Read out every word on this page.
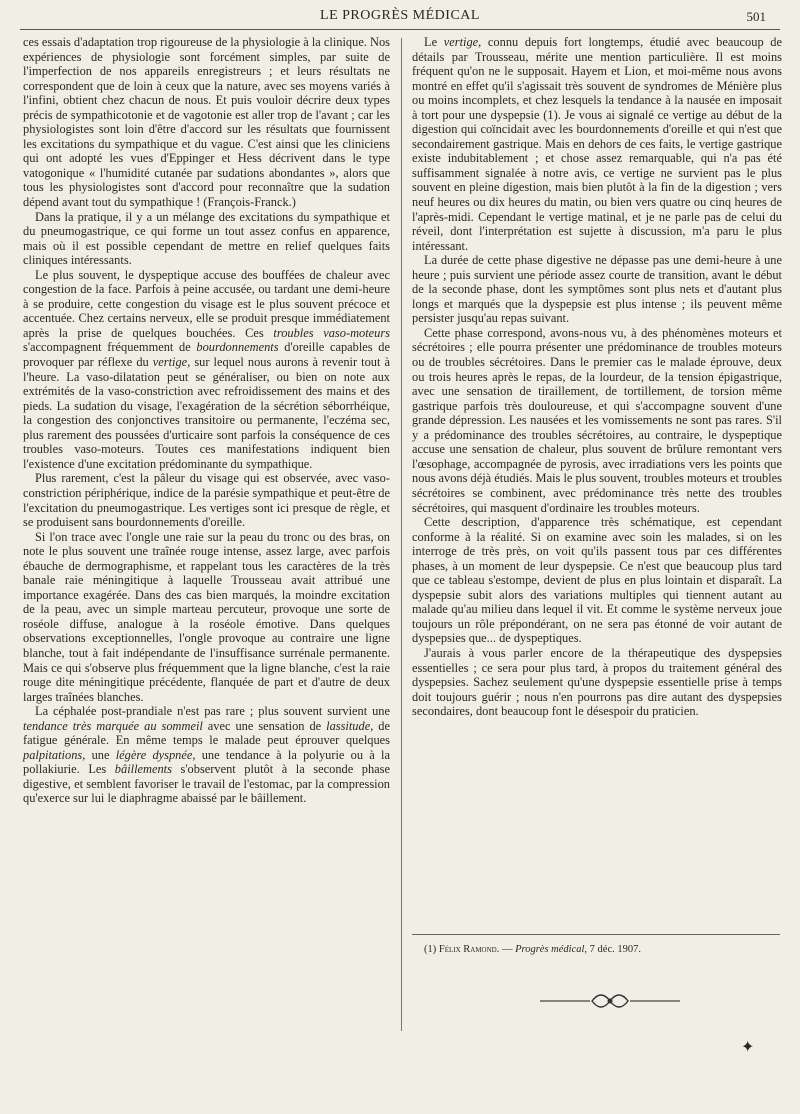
LE PROGRÈS MÉDICAL	501

ces essais d'adaptation trop rigoureuse de la physiologie à la clinique. Nos expériences de physiologie sont forcément simples, par suite de l'imperfection de nos appareils enregistreurs ; et leurs résultats ne correspondent que de loin à ceux que la nature, avec ses moyens variés à l'infini, obtient chez chacun de nous. Et puis vouloir décrire deux types précis de sympathicotonie et de vagotonie est aller trop de l'avant ; car les physiologistes sont loin d'être d'accord sur les résultats que fournissent les excitations du sympathique et du vague. C'est ainsi que les cliniciens qui ont adopté les vues d'Eppinger et Hess décrivent dans le type vatogonique « l'humidité cutanée par sudations abondantes », alors que tous les physiologistes sont d'accord pour reconnaître que la sudation dépend avant tout du sympathique ! (François-Franck.)

Dans la pratique, il y a un mélange des excitations du sympathique et du pneumogastrique, ce qui forme un tout assez confus en apparence, mais où il est possible cependant de mettre en relief quelques faits cliniques intéressants.

Le plus souvent, le dyspeptique accuse des bouffées de chaleur avec congestion de la face. Parfois à peine accusée, ou tardant une demi-heure à se produire, cette congestion du visage est le plus souvent précoce et accentuée. Chez certains nerveux, elle se produit presque immédiatement après la prise de quelques bouchées. Ces troubles vaso-moteurs s'accompagnent fréquemment de bourdonnements d'oreille capables de provoquer par réflexe du vertige, sur lequel nous aurons à revenir tout à l'heure. La vaso-dilatation peut se généraliser, ou bien on note aux extrémités de la vaso-constriction avec refroidissement des mains et des pieds. La sudation du visage, l'exagération de la sécrétion séborrhéique, la congestion des conjonctives transitoire ou permanente, l'eczéma sec, plus rarement des poussées d'urticaire sont parfois la conséquence de ces troubles vaso-moteurs. Toutes ces manifestations indiquent bien l'existence d'une excitation prédominante du sympathique.

Plus rarement, c'est la pâleur du visage qui est observée, avec vaso-constriction périphérique, indice de la parésie sympathique et peut-être de l'excitation du pneumogastrique. Les vertiges sont ici presque de règle, et se produisent sans bourdonnements d'oreille.

Si l'on trace avec l'ongle une raie sur la peau du tronc ou des bras, on note le plus souvent une traînée rouge intense, assez large, avec parfois ébauche de dermographisme, et rappelant tous les caractères de la très banale raie méningitique à laquelle Trousseau avait attribué une importance exagérée. Dans des cas bien marqués, la moindre excitation de la peau, avec un simple marteau percuteur, provoque une sorte de roséole diffuse, analogue à la roséole émotive. Dans quelques observations exceptionnelles, l'ongle provoque au contraire une ligne blanche, tout à fait indépendante de l'insuffisance surrénale permanente. Mais ce qui s'observe plus fréquemment que la ligne blanche, c'est la raie rouge dite méningitique précédente, flanquée de part et d'autre de deux larges traînées blanches.

La céphalée post-prandiale n'est pas rare ; plus souvent survient une tendance très marquée au sommeil avec une sensation de lassitude, de fatigue générale. En même temps le malade peut éprouver quelques palpitations, une légère dyspnée, une tendance à la polyurie ou à la pollakiurie. Les bâillements s'observent plutôt à la seconde phase digestive, et semblent favoriser le travail de l'estomac, par la compression qu'exerce sur lui le diaphragme abaissé par le bâillement.

Le vertige, connu depuis fort longtemps, étudié avec beaucoup de détails par Trousseau, mérite une mention particulière. Il est moins fréquent qu'on ne le supposait. Hayem et Lion, et moi-même nous avons montré en effet qu'il s'agissait très souvent de syndromes de Ménière plus ou moins incomplets, et chez lesquels la tendance à la nausée en imposait à tort pour une dyspepsie (1). Je vous ai signalé ce vertige au début de la digestion qui coïncidait avec les bourdonnements d'oreille et qui n'est que secondairement gastrique. Mais en dehors de ces faits, le vertige gastrique existe indubitablement ; et chose assez remarquable, qui n'a pas été suffisamment signalée à notre avis, ce vertige ne survient pas le plus souvent en pleine digestion, mais bien plutôt à la fin de la digestion ; vers neuf heures ou dix heures du matin, ou bien vers quatre ou cinq heures de l'après-midi. Cependant le vertige matinal, et je ne parle pas de celui du réveil, dont l'interprétation est sujette à discussion, m'a paru le plus intéressant.

La durée de cette phase digestive ne dépasse pas une demi-heure à une heure ; puis survient une période assez courte de transition, avant le début de la seconde phase, dont les symptômes sont plus nets et d'autant plus longs et marqués que la dyspepsie est plus intense ; ils peuvent même persister jusqu'au repas suivant.

Cette phase correspond, avons-nous vu, à des phénomènes moteurs et sécrétoires ; elle pourra présenter une prédominance de troubles moteurs ou de troubles sécrétoires. Dans le premier cas le malade éprouve, deux ou trois heures après le repas, de la lourdeur, de la tension épigastrique, avec une sensation de tiraillement, de tortillement, de torsion même gastrique parfois très douloureuse, et qui s'accompagne souvent d'une grande dépression. Les nausées et les vomissements ne sont pas rares. S'il y a prédominance des troubles sécrétoires, au contraire, le dyspeptique accuse une sensation de chaleur, plus souvent de brûlure remontant vers l'œsophage, accompagnée de pyrosis, avec irradiations vers les points que nous avons déjà étudiés. Mais le plus souvent, troubles moteurs et troubles sécrétoires se combinent, avec prédominance très nette des troubles sécrétoires, qui masquent d'ordinaire les troubles moteurs.

Cette description, d'apparence très schématique, est cependant conforme à la réalité. Si on examine avec soin les malades, si on les interroge de très près, on voit qu'ils passent tous par ces différentes phases, à un moment de leur dyspepsie. Ce n'est que beaucoup plus tard que ce tableau s'estompe, devient de plus en plus lointain et disparaît. La dyspepsie subit alors des variations multiples qui tiennent autant au malade qu'au milieu dans lequel il vit. Et comme le système nerveux joue toujours un rôle prépondérant, on ne sera pas étonné de voir autant de dyspepsies que... de dyspeptiques.

J'aurais à vous parler encore de la thérapeutique des dyspepsies essentielles ; ce sera pour plus tard, à propos du traitement général des dyspepsies. Sachez seulement qu'une dyspepsie essentielle prise à temps doit toujours guérir ; nous n'en pourrons pas dire autant des dyspepsies secondaires, dont beaucoup font le désespoir du praticien.

(1) Félix Ramond. — Progrès médical, 7 déc. 1907.
✦
